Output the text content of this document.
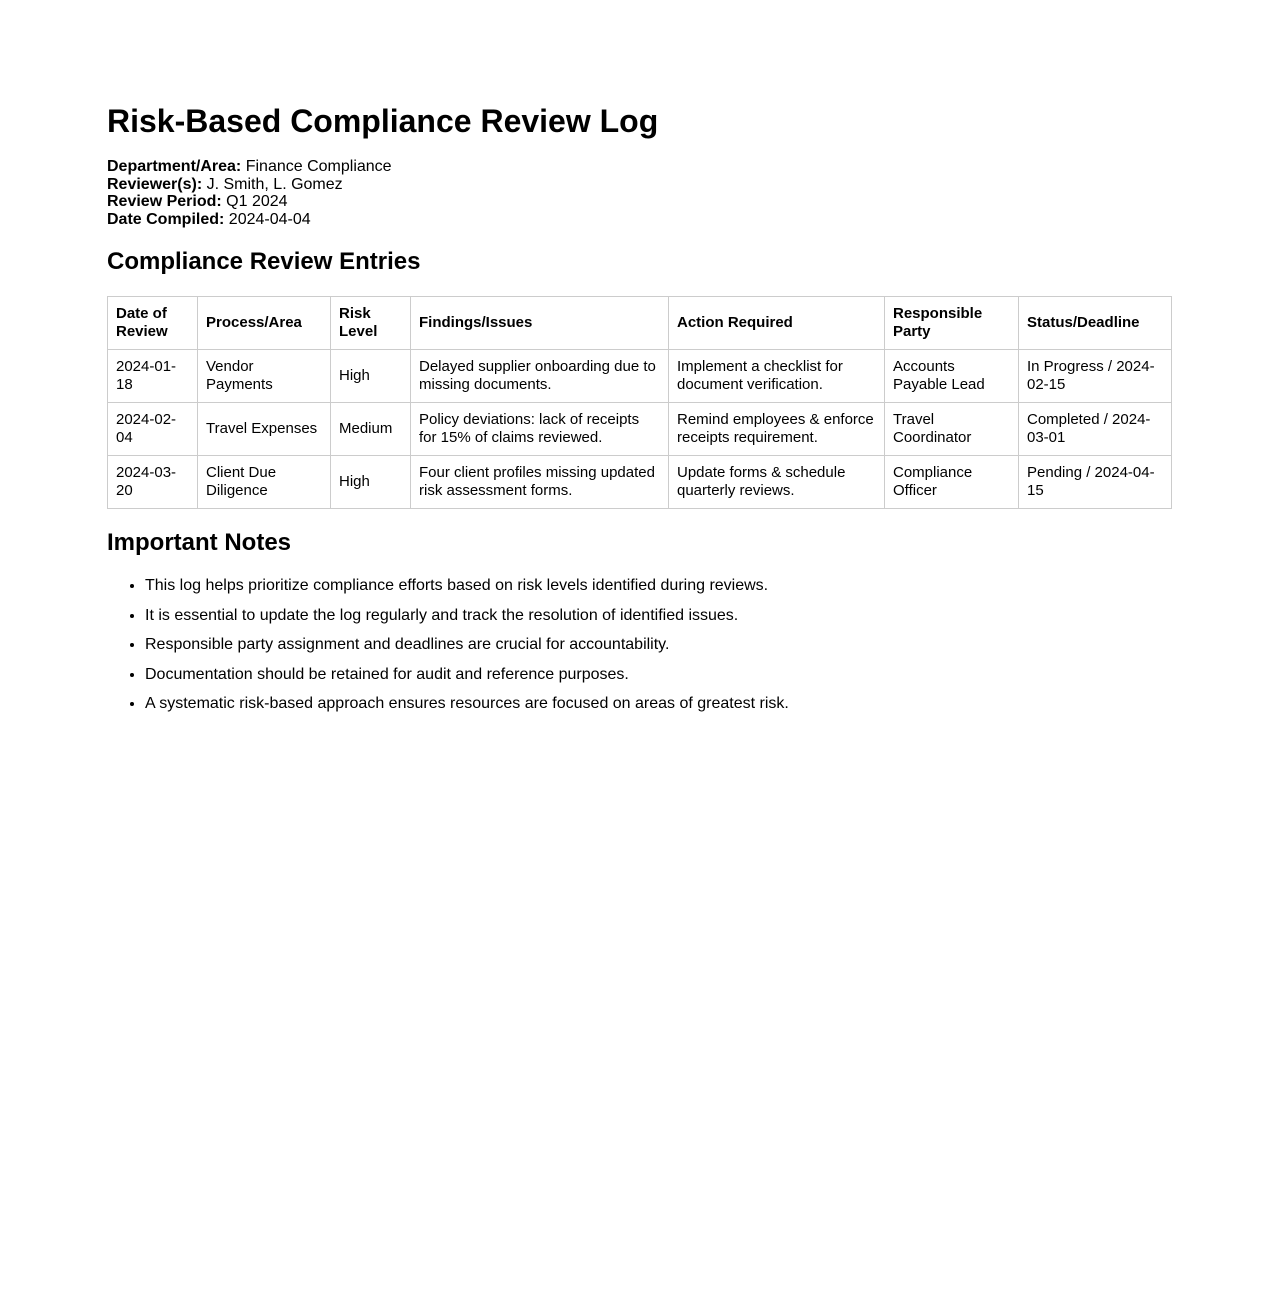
Risk-Based Compliance Review Log
Department/Area: Finance Compliance
Reviewer(s): J. Smith, L. Gomez
Review Period: Q1 2024
Date Compiled: 2024-04-04
Compliance Review Entries
Date of Review	Process/Area	Risk Level	Findings/Issues	Action Required	Responsible Party	Status/Deadline
2024-01-18	Vendor Payments	High	Delayed supplier onboarding due to missing documents.	Implement a checklist for document verification.	Accounts Payable Lead	In Progress / 2024-02-15
2024-02-04	Travel Expenses	Medium	Policy deviations: lack of receipts for 15% of claims reviewed.	Remind employees & enforce receipts requirement.	Travel Coordinator	Completed / 2024-03-01
2024-03-20	Client Due Diligence	High	Four client profiles missing updated risk assessment forms.	Update forms & schedule quarterly reviews.	Compliance Officer	Pending / 2024-04-15
Important Notes
• This log helps prioritize compliance efforts based on risk levels identified during reviews.
• It is essential to update the log regularly and track the resolution of identified issues.
• Responsible party assignment and deadlines are crucial for accountability.
• Documentation should be retained for audit and reference purposes.
• A systematic risk-based approach ensures resources are focused on areas of greatest risk.
